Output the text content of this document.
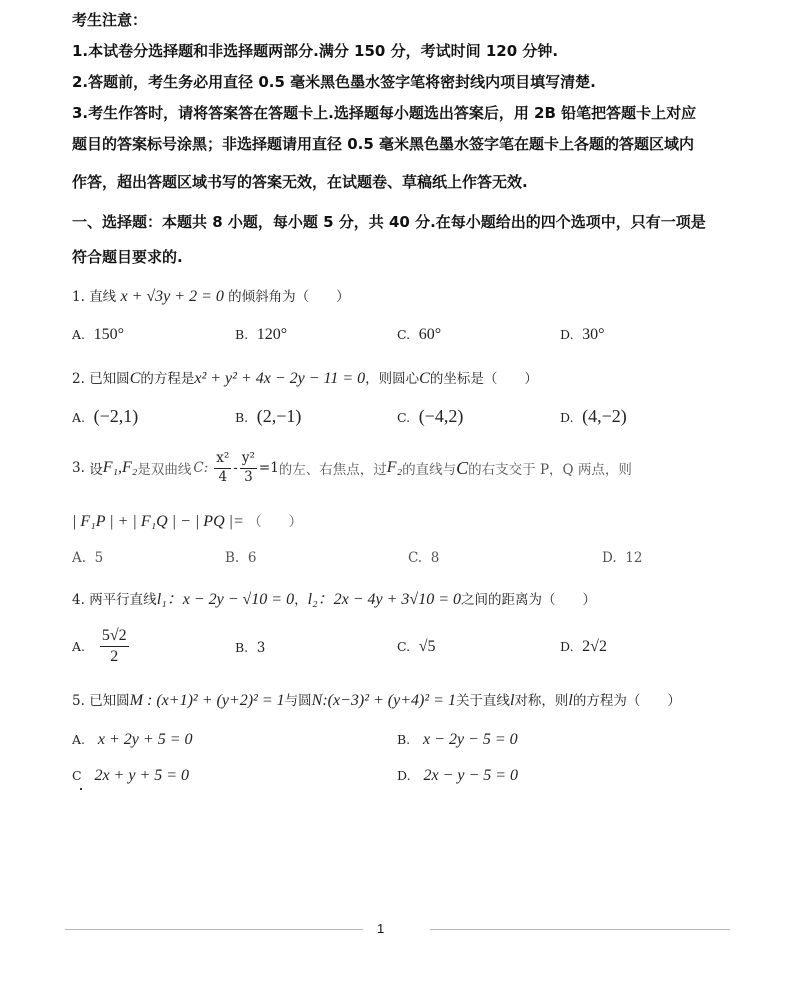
考生注意：
1.本试卷分选择题和非选择题两部分.满分 150 分，考试时间 120 分钟.
2.答题前，考生务必用直径 0.5 毫米黑色墨水签字笔将密封线内项目填写清楚.
3.考生作答时，请将答案答在答题卡上.选择题每小题选出答案后，用 2B 铅笔把答题卡上对应
题目的答案标号涂黑；非选择题请用直径 0.5 毫米黑色墨水签字笔在题卡上各题的答题区域内
作答，超出答题区域书写的答案无效，在试题卷、草稿纸上作答无效.
一、选择题：本题共 8 小题，每小题 5 分，共 40 分.在每小题给出的四个选项中，只有一项是
符合题目要求的.
1. 直线 x + √3y + 2 = 0 的倾斜角为（　　）
A. 150°	B. 120°	C. 60°	D. 30°
2. 已知圆C的方程是x² + y² + 4x − 2y − 11 = 0，则圆心C的坐标是（　　）
A. (−2,1)	B. (2,−1)	C. (−4,2)	D. (4,−2)
3.
设 F₁,F₂ 是双曲线 C: $\frac{\text{x²}}{4} - \frac{\text{y²}}{3} =1$ 的左、右焦点，过 F₂ 的直线与 C 的右支交于 P，Q 两点，则
| F₁P | + | F₁Q | − | PQ |= （　　）
A. 5	B. 6	C. 8	D. 12
4. 两平行直线l₁：x − 2y − √10 = 0，l₂：2x − 4y + 3√10 = 0之间的距离为（　　）
A.
$\frac{5√2}{2}$	B. 3	C. √5	D. 2√2
5. 已知圆M : (x+1)² + (y+2)² = 1与圆N:(x−3)² + (y+4)² = 1关于直线l对称，则l的方程为（　　）
A. x + 2y + 5 = 0	B. x − 2y − 5 = 0
C 2x + y + 5 = 0	D. 2x − y − 5 = 0
1
